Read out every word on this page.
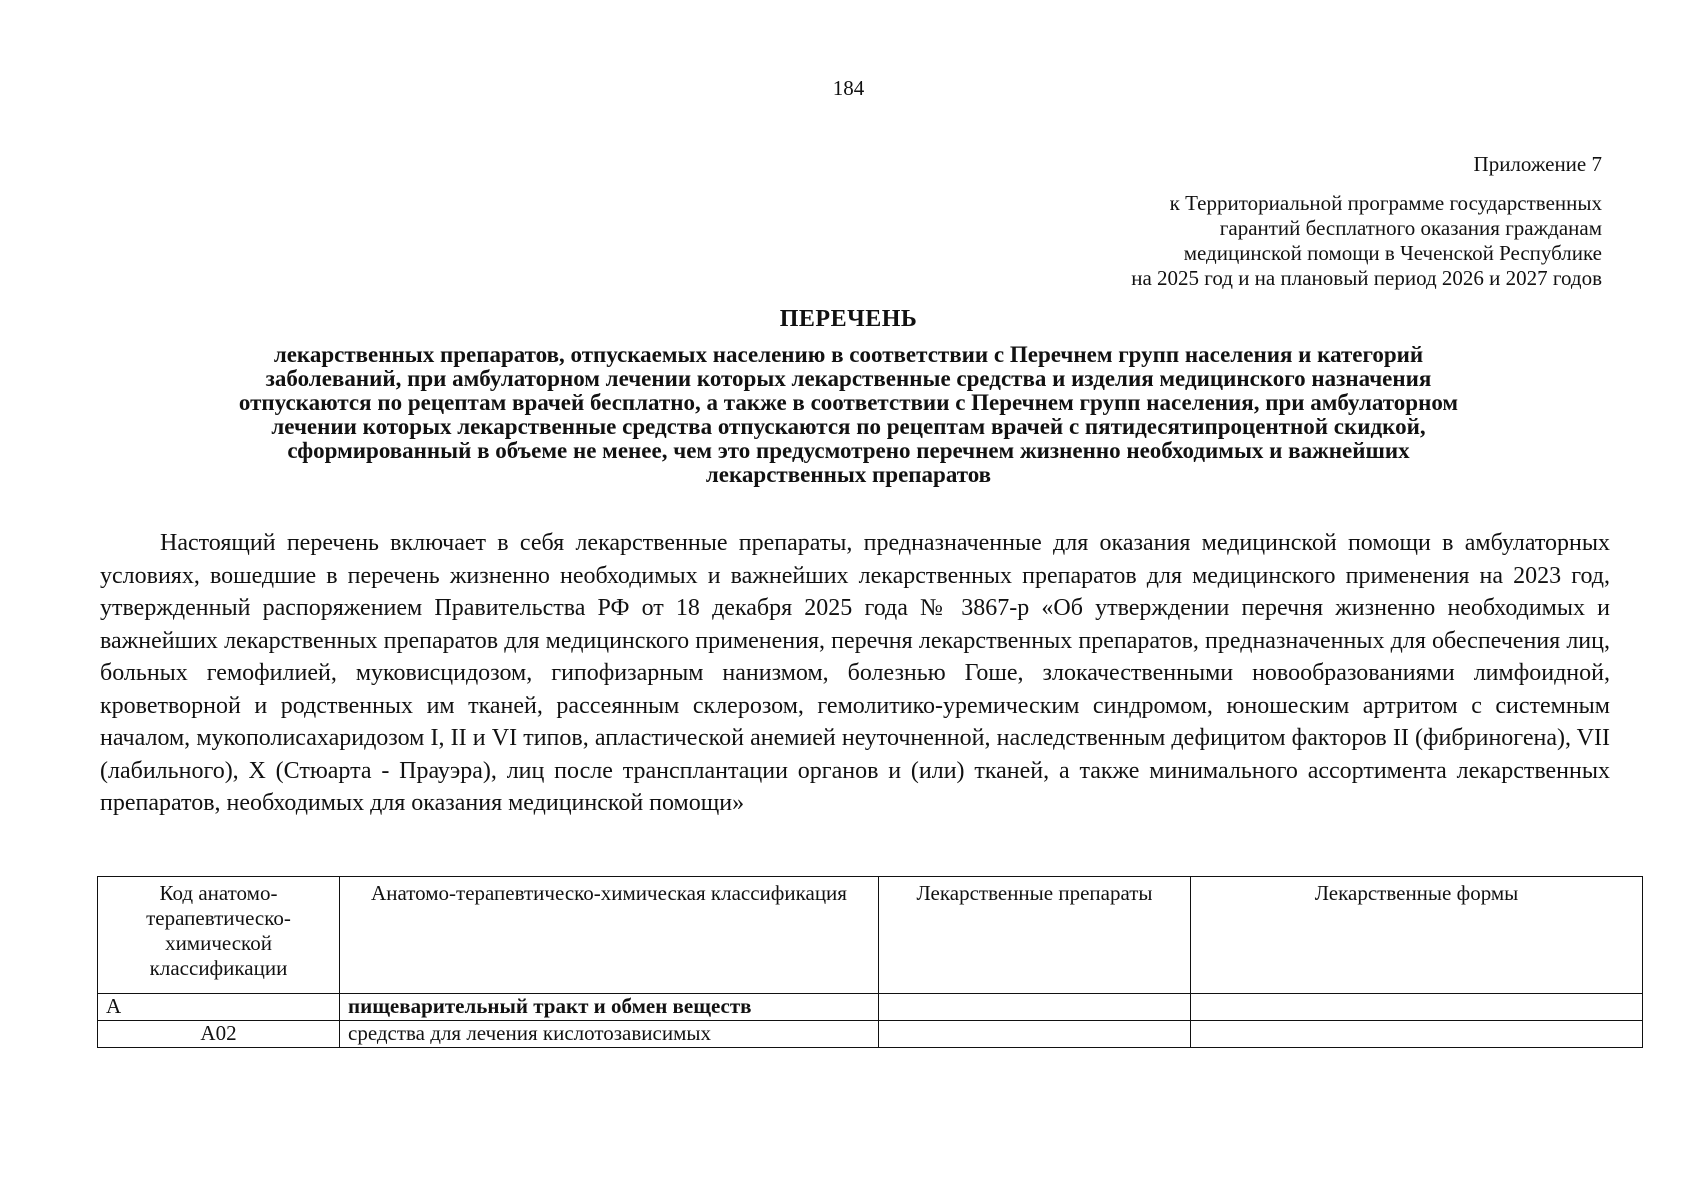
184
Приложение 7
к Территориальной программе государственных
гарантий бесплатного оказания гражданам
медицинской помощи в Чеченской Республике
на 2025 год и на плановый период 2026 и 2027 годов
ПЕРЕЧЕНЬ
лекарственных препаратов, отпускаемых населению в соответствии с Перечнем групп населения и категорий
заболеваний, при амбулаторном лечении которых лекарственные средства и изделия медицинского назначения
отпускаются по рецептам врачей бесплатно, а также в соответствии с Перечнем групп населения, при амбулаторном
лечении которых лекарственные средства отпускаются по рецептам врачей с пятидесятипроцентной скидкой,
сформированный в объеме не менее, чем это предусмотрено перечнем жизненно необходимых и важнейших
лекарственных препаратов

Настоящий перечень включает в себя лекарственные препараты, предназначенные для оказания медицинской помощи в амбулаторных условиях, вошедшие в перечень жизненно необходимых и важнейших лекарственных препаратов для медицинского применения на 2023 год, утвержденный распоряжением Правительства РФ от 18 декабря 2025 года № 3867-р «Об утверждении перечня жизненно необходимых и важнейших лекарственных препаратов для медицинского применения, перечня лекарственных препаратов, предназначенных для обеспечения лиц, больных гемофилией, муковисцидозом, гипофизарным нанизмом, болезнью Гоше, злокачественными новообразованиями лимфоидной, кроветворной и родственных им тканей, рассеянным склерозом, гемолитико-уремическим синдромом, юношеским артритом с системным началом, мукополисахаридозом I, II и VI типов, апластической анемией неуточненной, наследственным дефицитом факторов II (фибриногена), VII (лабильного), X (Стюарта - Прауэра), лиц после трансплантации органов и (или) тканей, а также минимального ассортимента лекарственных препаратов, необходимых для оказания медицинской помощи»

Код анатомо-терапевтическо-химической классификации	Анатомо-терапевтическо-химическая классификация	Лекарственные препараты	Лекарственные формы
А	пищеварительный тракт и обмен веществ		
А02	средства для лечения кислотозависимых		
